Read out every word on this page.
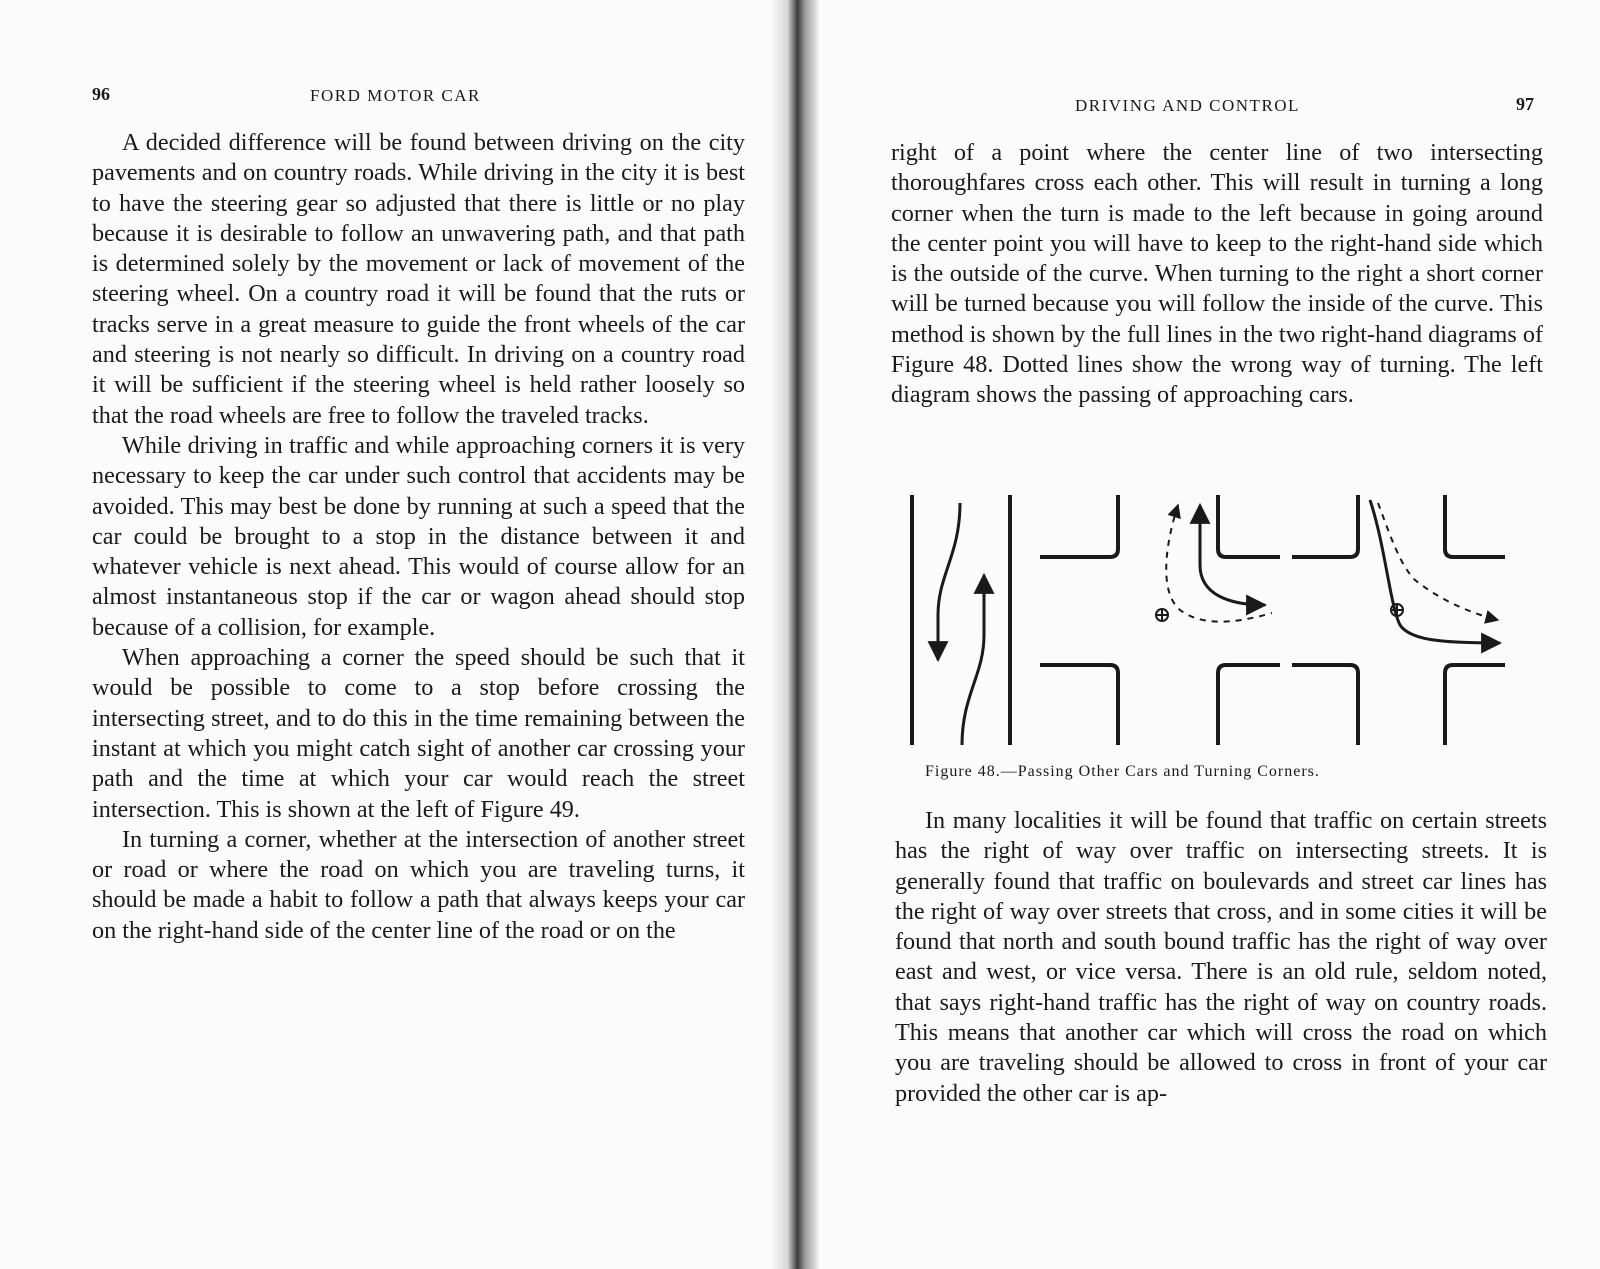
96	FORD MOTOR CAR

A decided difference will be found between driving on the city pavements and on country roads. While driving in the city it is best to have the steering gear so adjusted that there is little or no play because it is desirable to follow an unwavering path, and that path is determined solely by the movement or lack of movement of the steering wheel. On a country road it will be found that the ruts or tracks serve in a great measure to guide the front wheels of the car and steering is not nearly so difficult. In driving on a country road it will be sufficient if the steering wheel is held rather loosely so that the road wheels are free to follow the traveled tracks.

While driving in traffic and while approaching corners it is very necessary to keep the car under such control that accidents may be avoided. This may best be done by running at such a speed that the car could be brought to a stop in the distance between it and whatever vehicle is next ahead. This would of course allow for an almost instantaneous stop if the car or wagon ahead should stop because of a collision, for example.

When approaching a corner the speed should be such that it would be possible to come to a stop before crossing the intersecting street, and to do this in the time remaining between the instant at which you might catch sight of another car crossing your path and the time at which your car would reach the street intersection. This is shown at the left of Figure 49.

In turning a corner, whether at the intersection of another street or road or where the road on which you are traveling turns, it should be made a habit to follow a path that always keeps your car on the right-hand side of the center line of the road or on the

DRIVING AND CONTROL	97

right of a point where the center line of two intersecting thoroughfares cross each other. This will result in turning a long corner when the turn is made to the left because in going around the center point you will have to keep to the right-hand side which is the outside of the curve. When turning to the right a short corner will be turned because you will follow the inside of the curve. This method is shown by the full lines in the two right-hand diagrams of Figure 48. Dotted lines show the wrong way of turning. The left diagram shows the passing of approaching cars.

Figure 48.—Passing Other Cars and Turning Corners.

In many localities it will be found that traffic on certain streets has the right of way over traffic on intersecting streets. It is generally found that traffic on boulevards and street car lines has the right of way over streets that cross, and in some cities it will be found that north and south bound traffic has the right of way over east and west, or vice versa. There is an old rule, seldom noted, that says right-hand traffic has the right of way on country roads. This means that another car which will cross the road on which you are traveling should be allowed to cross in front of your car provided the other car is ap-
